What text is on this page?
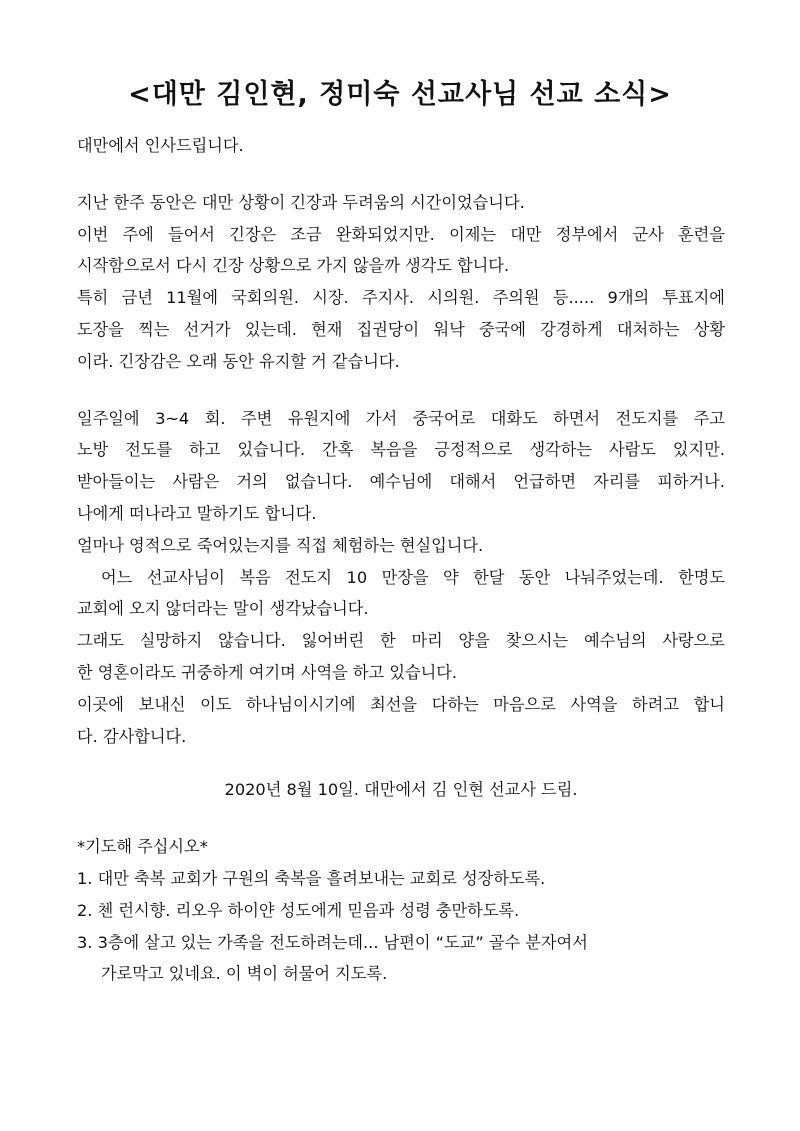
<대만 김인현, 정미숙 선교사님 선교 소식>
대만에서 인사드립니다.
지난 한주 동안은 대만 상황이 긴장과 두려움의 시간이었습니다.
이번 주에 들어서 긴장은 조금 완화되었지만. 이제는 대만 정부에서 군사 훈련을
시작함으로서 다시 긴장 상황으로 가지 않을까 생각도 합니다.
특히 금년 11월에 국회의원. 시장. 주지사. 시의원. 주의원 등..... 9개의 투표지에
도장을 찍는 선거가 있는데. 현재 집권당이 워낙 중국에 강경하게 대처하는 상황
이라. 긴장감은 오래 동안 유지할 거 같습니다.
일주일에 3~4 회. 주변 유원지에 가서 중국어로 대화도 하면서 전도지를 주고
노방 전도를 하고 있습니다. 간혹 복음을 긍정적으로 생각하는 사람도 있지만.
받아들이는 사람은 거의 없습니다. 예수님에 대해서 언급하면 자리를 피하거나.
나에게 떠나라고 말하기도 합니다.
얼마나 영적으로 죽어있는지를 직접 체험하는 현실입니다.
어느 선교사님이 복음 전도지 10 만장을 약 한달 동안 나눠주었는데. 한명도
교회에 오지 않더라는 말이 생각났습니다.
그래도 실망하지 않습니다. 잃어버린 한 마리 양을 찾으시는 예수님의 사랑으로
한 영혼이라도 귀중하게 여기며 사역을 하고 있습니다.
이곳에 보내신 이도 하나님이시기에 최선을 다하는 마음으로 사역을 하려고 합니
다. 감사합니다.
2020년 8월 10일. 대만에서 김 인현 선교사 드림.
*기도해 주십시오*
1. 대만 축복 교회가 구원의 축복을 흘려보내는 교회로 성장하도록.
2. 첸 런시향. 리오우 하이얀 성도에게 믿음과 성령 충만하도록.
3. 3층에 살고 있는 가족을 전도하려는데... 남편이 “도교” 골수 분자여서
가로막고 있네요. 이 벽이 허물어 지도록.
